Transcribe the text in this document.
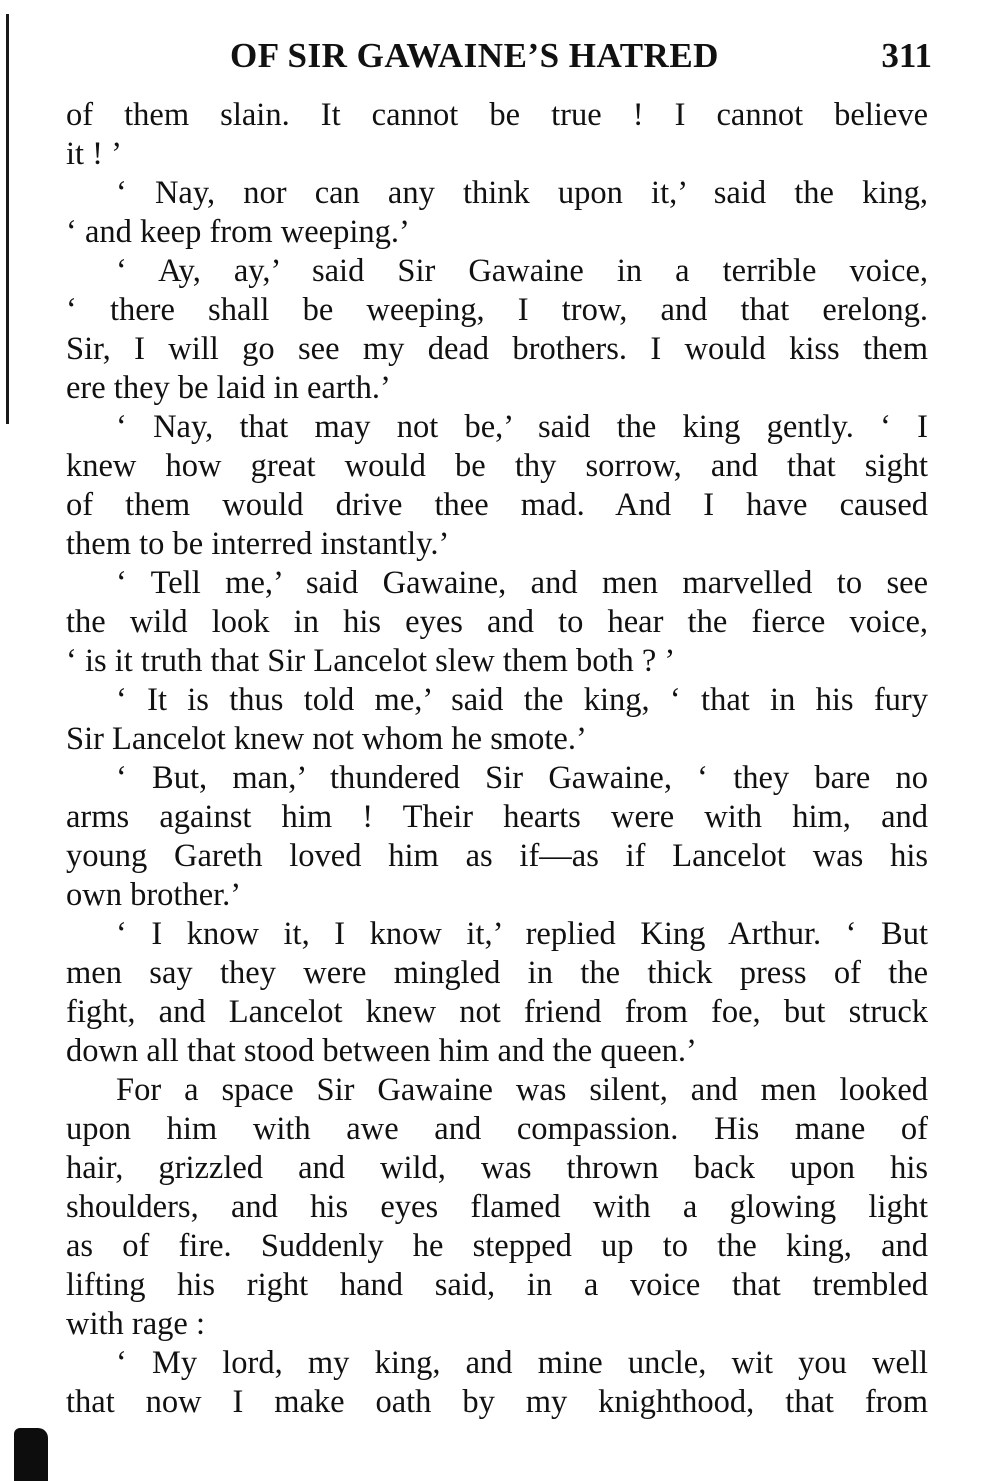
OF SIR GAWAINE’S HATRED	311
of them slain. It cannot be true ! I cannot believe
it ! ’
‘ Nay, nor can any think upon it,’ said the king,
‘ and keep from weeping.’
‘ Ay, ay,’ said Sir Gawaine in a terrible voice,
‘ there shall be weeping, I trow, and that erelong.
Sir, I will go see my dead brothers. I would kiss them
ere they be laid in earth.’
‘ Nay, that may not be,’ said the king gently. ‘ I
knew how great would be thy sorrow, and that sight
of them would drive thee mad. And I have caused
them to be interred instantly.’
‘ Tell me,’ said Gawaine, and men marvelled to see
the wild look in his eyes and to hear the fierce voice,
‘ is it truth that Sir Lancelot slew them both ? ’
‘ It is thus told me,’ said the king, ‘ that in his fury
Sir Lancelot knew not whom he smote.’
‘ But, man,’ thundered Sir Gawaine, ‘ they bare no
arms against him ! Their hearts were with him, and
young Gareth loved him as if—as if Lancelot was his
own brother.’
‘ I know it, I know it,’ replied King Arthur. ‘ But
men say they were mingled in the thick press of the
fight, and Lancelot knew not friend from foe, but struck
down all that stood between him and the queen.’
For a space Sir Gawaine was silent, and men looked
upon him with awe and compassion. His mane of
hair, grizzled and wild, was thrown back upon his
shoulders, and his eyes flamed with a glowing light
as of fire. Suddenly he stepped up to the king, and
lifting his right hand said, in a voice that trembled
with rage :
‘ My lord, my king, and mine uncle, wit you well
that now I make oath by my knighthood, that from
